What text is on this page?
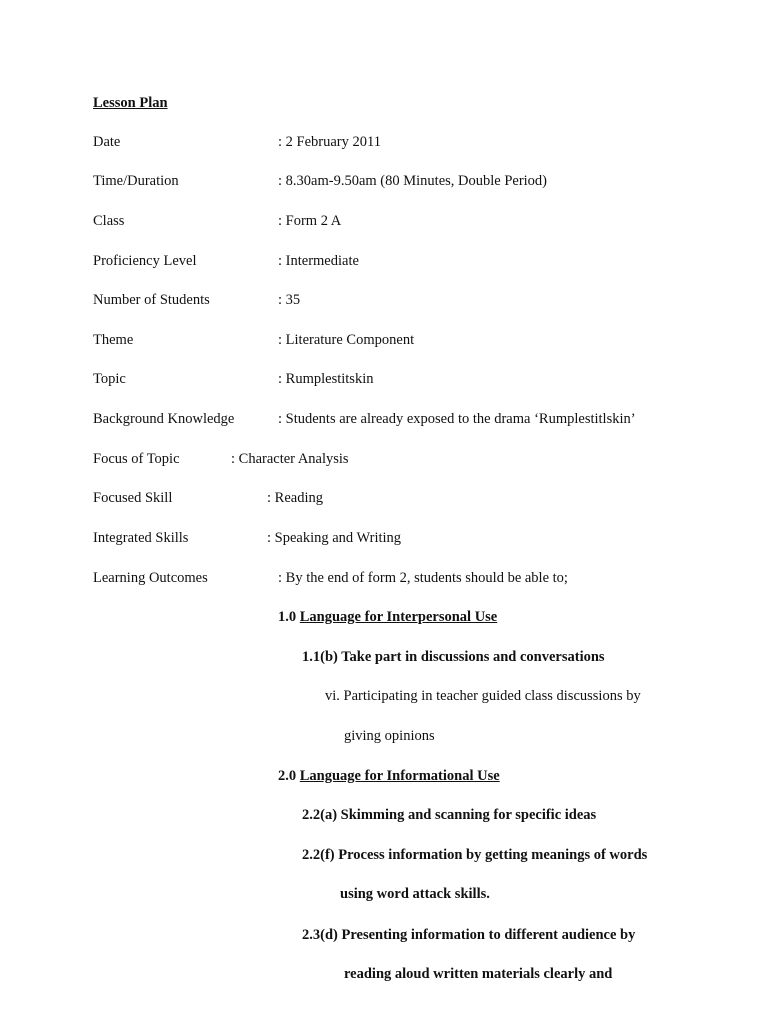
Lesson Plan
Date	: 2 February 2011
Time/Duration	: 8.30am-9.50am (80 Minutes, Double Period)
Class	: Form 2 A
Proficiency Level	: Intermediate
Number of Students	: 35
Theme	: Literature Component
Topic	: Rumplestitskin
Background Knowledge	: Students are already exposed to the drama ‘Rumplestitlskin’
Focus of Topic	: Character Analysis
Focused Skill	: Reading
Integrated Skills	: Speaking and Writing
Learning Outcomes	: By the end of form 2, students should be able to;
1.0 Language for Interpersonal Use
1.1(b) Take part in discussions and conversations
vi. Participating in teacher guided class discussions by
giving opinions
2.0 Language for Informational Use
2.2(a) Skimming and scanning for specific ideas
2.2(f) Process information by getting meanings of words
using word attack skills.
2.3(d) Presenting information to different audience by
reading aloud written materials clearly and
